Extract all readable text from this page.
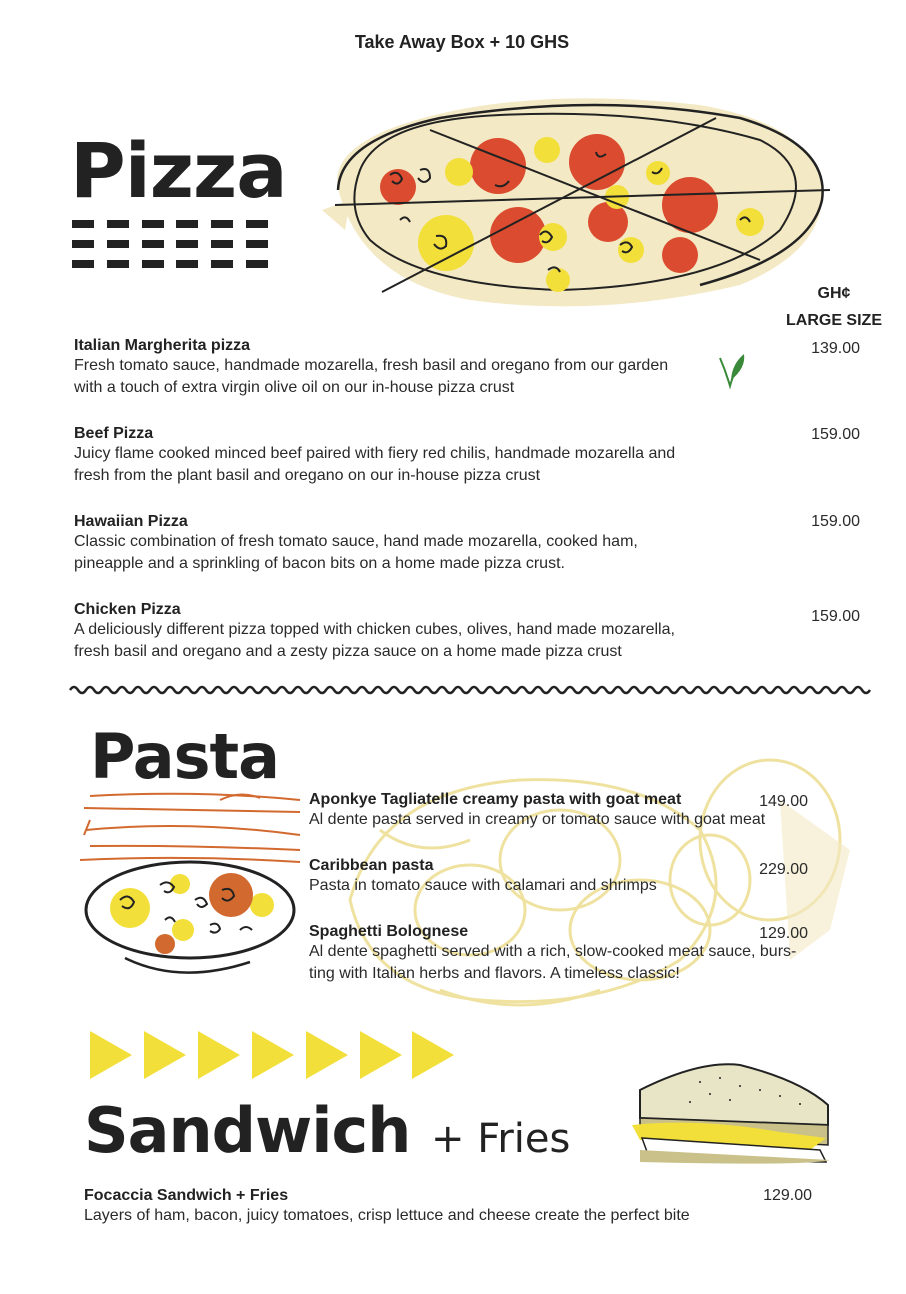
Take Away Box + 10 GHS
Pizza
GH¢
LARGE SIZE
Italian Margherita pizza
Fresh tomato sauce, handmade mozarella, fresh basil and oregano from our garden
with a touch of extra virgin olive oil on our in-house pizza crust
139.00
Beef Pizza
Juicy flame cooked minced beef paired with fiery red chilis, handmade mozarella and
fresh from the plant basil and oregano on our in-house pizza crust
159.00
Hawaiian Pizza
Classic combination of fresh tomato sauce, hand made mozarella, cooked ham,
pineapple and a sprinkling of bacon bits on a home made pizza crust.
159.00
Chicken Pizza
A deliciously different pizza topped with chicken cubes, olives, hand made mozarella,
fresh basil and oregano and a zesty pizza sauce on a home made pizza crust
159.00
Pasta
Aponkye Tagliatelle creamy pasta with goat meat
Al dente pasta served in creamy or tomato sauce with goat meat
149.00
Caribbean pasta
Pasta in tomato sauce with calamari and shrimps
229.00
Spaghetti Bolognese
Al dente spaghetti served with a rich, slow-cooked meat sauce, burs-
ting with Italian herbs and flavors. A timeless classic!
129.00
Sandwich + Fries
Focaccia Sandwich + Fries
Layers of ham, bacon, juicy tomatoes, crisp lettuce and cheese create the perfect bite
129.00
